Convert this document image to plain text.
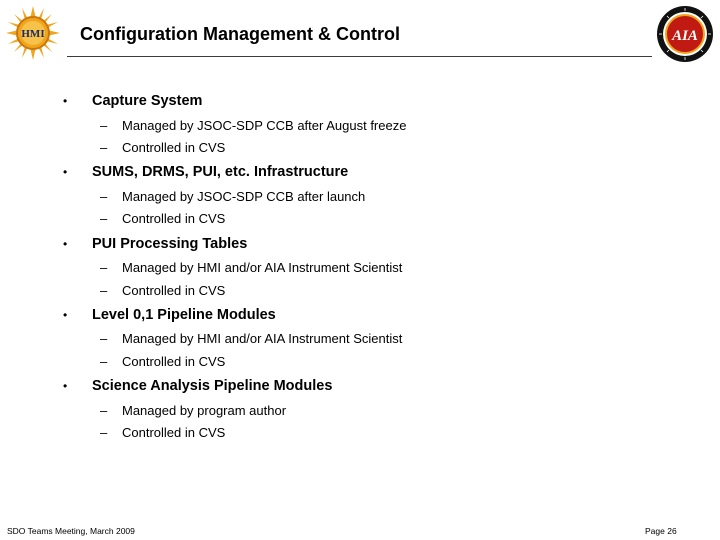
HMI Configuration Management & Control	AIA
• Capture System
– Managed by JSOC-SDP CCB after August freeze
– Controlled in CVS
• SUMS, DRMS, PUI, etc. Infrastructure
– Managed by JSOC-SDP CCB after launch
– Controlled in CVS
• PUI Processing Tables
– Managed by HMI and/or AIA Instrument Scientist
– Controlled in CVS
• Level 0,1 Pipeline Modules
– Managed by HMI and/or AIA Instrument Scientist
– Controlled in CVS
• Science Analysis Pipeline Modules
– Managed by program author
– Controlled in CVS
SDO Teams Meeting, March 2009	Page 26
